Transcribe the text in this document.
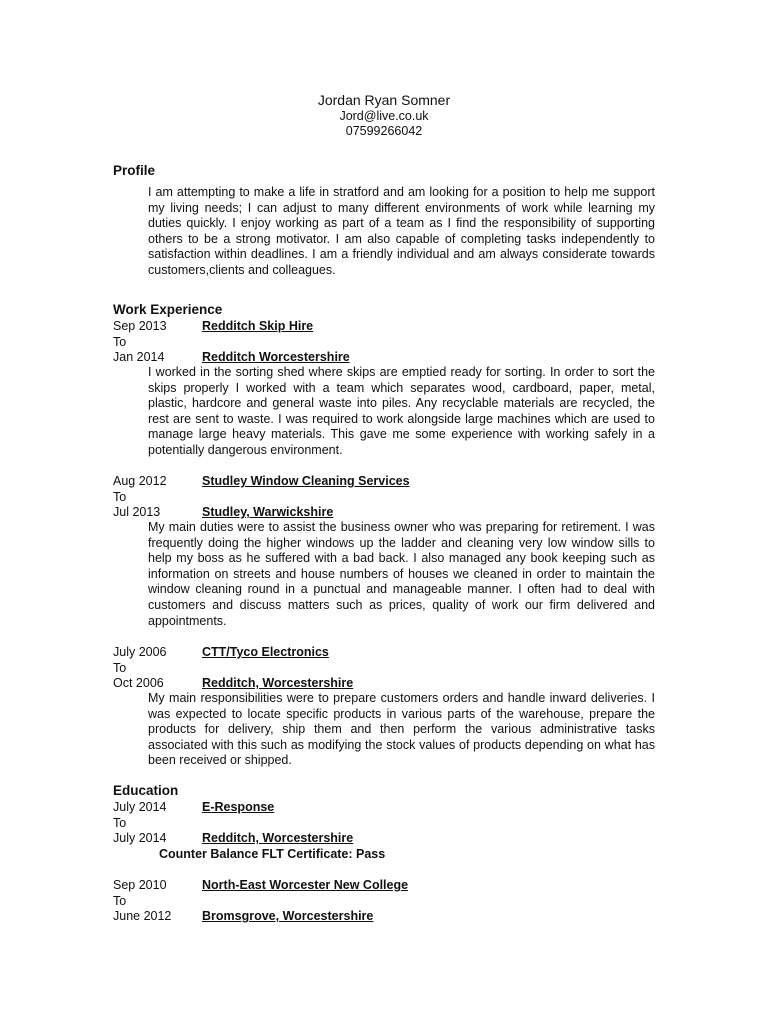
Jordan Ryan Somner
Jord@live.co.uk
07599266042
Profile
I am attempting to make a life in stratford and am looking for a position to help me support my living needs; I can adjust to many different environments of work while learning my duties quickly. I enjoy working as part of a team as I find the responsibility of supporting others to be a strong motivator. I am also capable of completing tasks independently to satisfaction within deadlines. I am a friendly individual and am always considerate towards customers,clients and colleagues.
Work Experience
Sep 2013	Redditch Skip Hire
To
Jan 2014	Redditch Worcestershire
I worked in the sorting shed where skips are emptied ready for sorting. In order to sort the skips properly I worked with a team which separates wood, cardboard, paper, metal, plastic, hardcore and general waste into piles. Any recyclable materials are recycled, the rest are sent to waste. I was required to work alongside large machines which are used to manage large heavy materials. This gave me some experience with working safely in a potentially dangerous environment.
Aug 2012	Studley Window Cleaning Services
To
Jul 2013	Studley, Warwickshire
My main duties were to assist the business owner who was preparing for retirement. I was frequently doing the higher windows up the ladder and cleaning very low window sills to help my boss as he suffered with a bad back. I also managed any book keeping such as information on streets and house numbers of houses we cleaned in order to maintain the window cleaning round in a punctual and manageable manner. I often had to deal with customers and discuss matters such as prices, quality of work our firm delivered and appointments.
July 2006	CTT/Tyco Electronics
To
Oct 2006	Redditch, Worcestershire
My main responsibilities were to prepare customers orders and handle inward deliveries. I was expected to locate specific products in various parts of the warehouse, prepare the products for delivery, ship them and then perform the various administrative tasks associated with this such as modifying the stock values of products depending on what has been received or shipped.
Education
July 2014	E-Response
To
July 2014	Redditch, Worcestershire
Counter Balance FLT Certificate: Pass
Sep 2010	North-East Worcester New College
To
June 2012 Bromsgrove, Worcestershire
